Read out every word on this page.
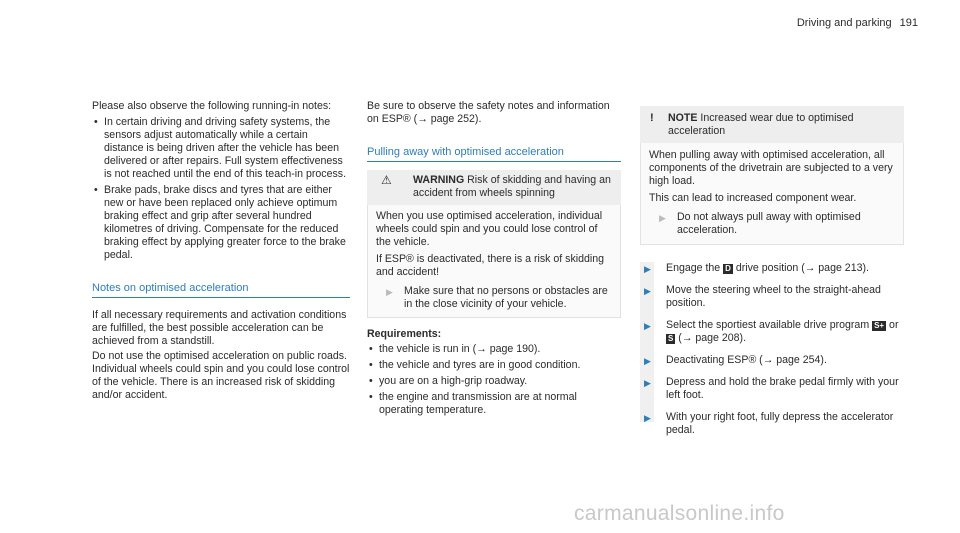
Driving and parking 191

Please also observe the following running-in notes:

• In certain driving and driving safety systems, the sensors adjust automatically while a certain distance is being driven after the vehicle has been delivered or after repairs. Full system effectiveness is not reached until the end of this teach-in process.

• Brake pads, brake discs and tyres that are either new or have been replaced only achieve optimum braking effect and grip after several hundred kilometres of driving. Compensate for the reduced braking effect by applying greater force to the brake pedal.

Notes on optimised acceleration

If all necessary requirements and activation conditions are fulfilled, the best possible acceleration can be achieved from a standstill.

Do not use the optimised acceleration on public roads. Individual wheels could spin and you could lose control of the vehicle. There is an increased risk of skidding and/or accident.

Be sure to observe the safety notes and information on ESP® (→ page 252).

Pulling away with optimised acceleration
⚠ WARNING Risk of skidding and having an accident from wheels spinning

When you use optimised acceleration, individual wheels could spin and you could lose control of the vehicle.

If ESP® is deactivated, there is a risk of skidding and accident!

▶ Make sure that no persons or obstacles are in the close vicinity of your vehicle.

Requirements:

• the vehicle is run in (→ page 190).

• the vehicle and tyres are in good condition.

• you are on a high-grip roadway.

• the engine and transmission are at normal operating temperature.

! NOTE Increased wear due to optimised acceleration

When pulling away with optimised acceleration, all components of the drivetrain are subjected to a very high load.

This can lead to increased component wear.

▶ Do not always pull away with optimised acceleration.
▶ Engage the D drive position (→ page 213).
▶ Move the steering wheel to the straight-ahead position.
▶ Select the sportiest available drive program S+ or S (→ page 208).
▶ Deactivating ESP® (→ page 254).
▶ Depress and hold the brake pedal firmly with your left foot.
▶ With your right foot, fully depress the accelerator pedal.
carmanualsonline.info
